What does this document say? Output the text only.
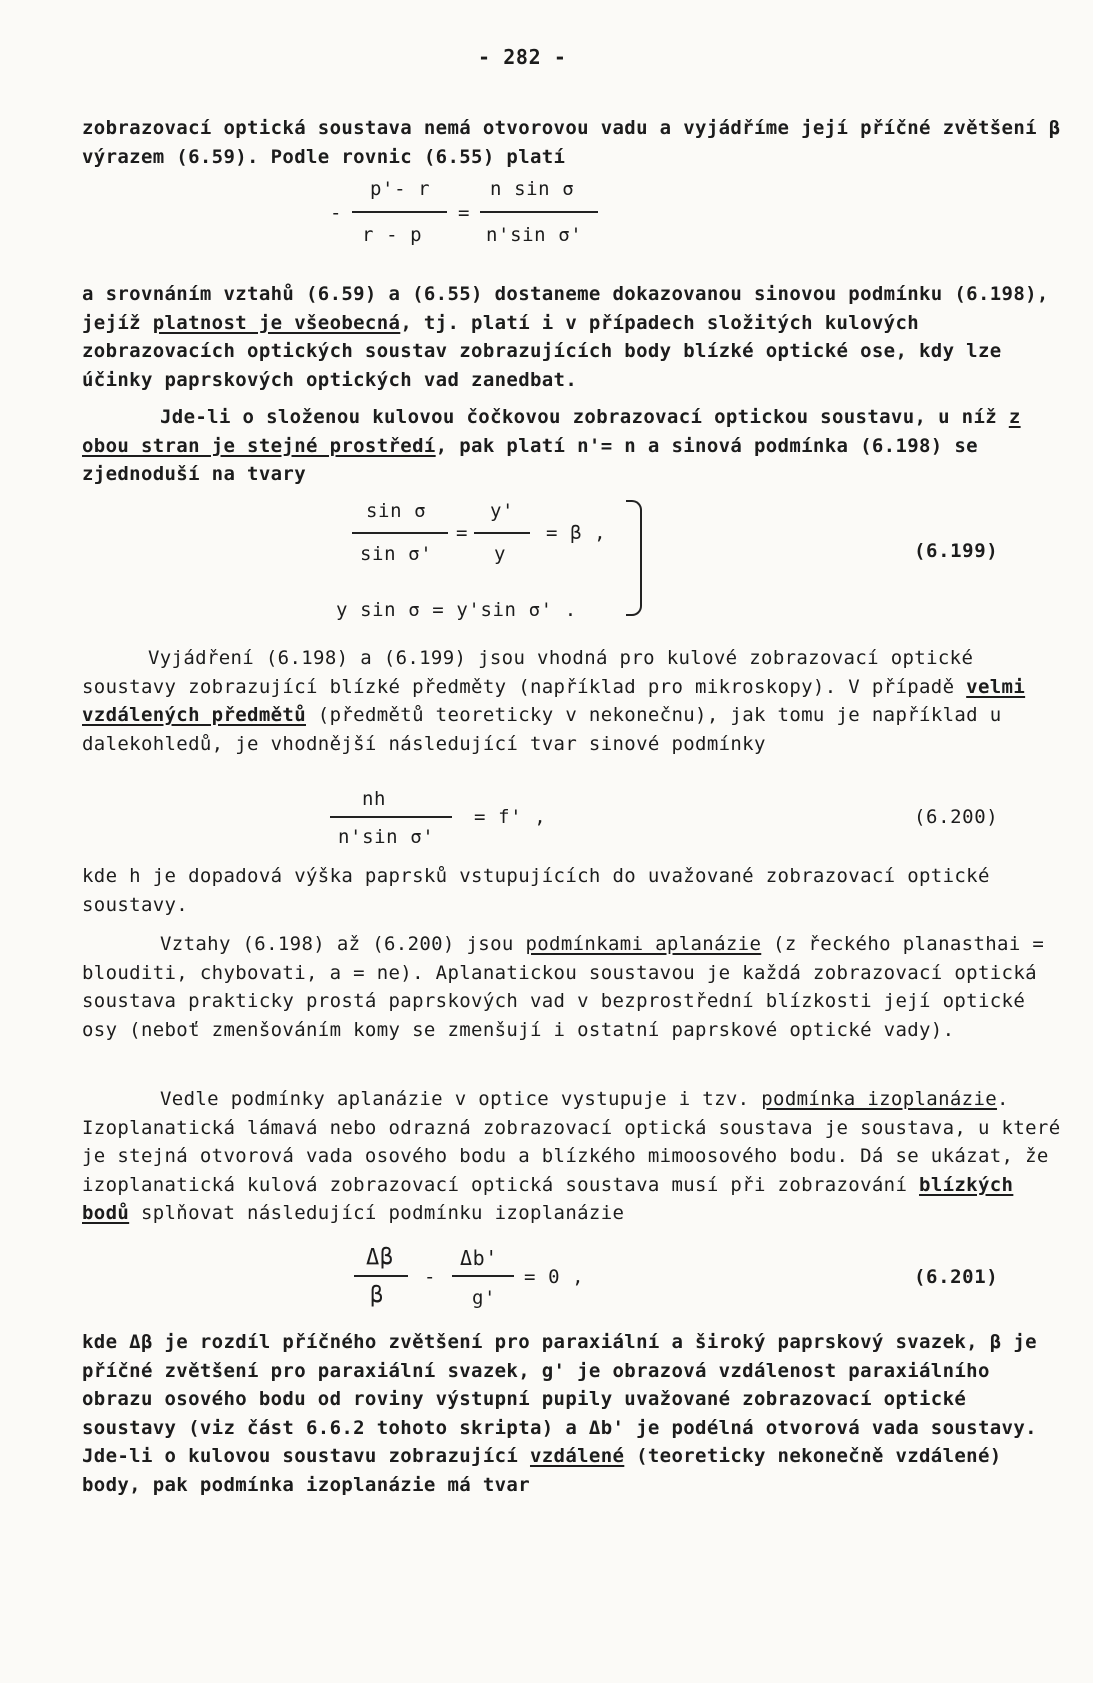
- 282 -
zobrazovací optická soustava nemá otvorovou vadu a vyjádříme její příčné zvětšení β výrazem (6.59). Podle rovnic (6.55) platí
-
p'- r
r - p
=
n sin σ
n'sin σ'
a srovnáním vztahů (6.59) a (6.55) dostaneme dokazovanou sinovou podmínku (6.198), jejíž platnost je všeobecná, tj. platí i v případech složitých kulových zobrazovacích optických soustav zobrazujících body blízké optické ose, kdy lze účinky paprskových optických vad zanedbat.
Jde-li o složenou kulovou čočkovou zobrazovací optickou soustavu, u níž z obou stran je stejné prostředí, pak platí n'= n a sinová podmínka (6.198) se zjednoduší na tvary
sin σ
sin σ'
=
y'
y
= β ,
y sin σ = y'sin σ' .
(6.199)
Vyjádření (6.198) a (6.199) jsou vhodná pro kulové zobrazovací optické soustavy zobrazující blízké předměty (například pro mikroskopy). V případě velmi vzdálených předmětů (předmětů teoreticky v nekonečnu), jak tomu je například u dalekohledů, je vhodnější následující tvar sinové podmínky
nh
n'sin σ'
= f' ,	(6.200)
kde h je dopadová výška paprsků vstupujících do uvažované zobrazovací optické soustavy.
Vztahy (6.198) až (6.200) jsou podmínkami aplanázie (z řeckého planasthai = blouditi, chybovati, a = ne). Aplanatickou soustavou je každá zobrazovací optická soustava prakticky prostá paprskových vad v bezprostřední blízkosti její optické osy (neboť zmenšováním komy se zmenšují i ostatní paprskové optické vady).
Vedle podmínky aplanázie v optice vystupuje i tzv. podmínka izoplanázie. Izoplanatická lámavá nebo odrazná zobrazovací optická soustava je soustava, u které je stejná otvorová vada osového bodu a blízkého mimoosového bodu. Dá se ukázat, že izoplanatická kulová zobrazovací optická soustava musí při zobrazování blízkých bodů splňovat následující podmínku izoplanázie
Δβ
β
-
Δb'
g'
= 0 ,	(6.201)
kde Δβ je rozdíl příčného zvětšení pro paraxiální a široký paprskový svazek, β je příčné zvětšení pro paraxiální svazek, g' je obrazová vzdálenost paraxiálního obrazu osového bodu od roviny výstupní pupily uvažované zobrazovací optické soustavy (viz část 6.6.2 tohoto skripta) a Δb' je podélná otvorová vada soustavy. Jde-li o kulovou soustavu zobrazující vzdálené (teoreticky nekonečně vzdálené) body, pak podmínka izoplanázie má tvar
